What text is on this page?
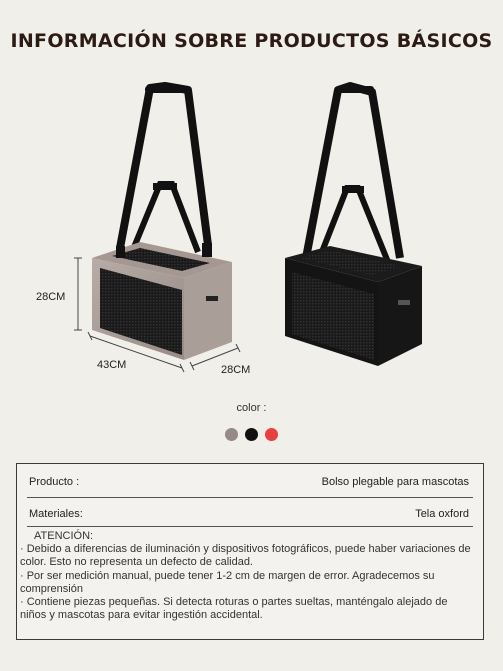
INFORMACIÓN SOBRE PRODUCTOS BÁSICOS
28CM
43CM	28CM
color :
Producto :	Bolso plegable para mascotas
Materiales:	Tela oxford

ATENCIÓN:

· Debido a diferencias de iluminación y dispositivos fotográficos, puede haber variaciones de color. Esto no representa un defecto de calidad.

· Por ser medición manual, puede tener 1-2 cm de margen de error. Agradecemos su comprensión

· Contiene piezas pequeñas. Si detecta roturas o partes sueltas, manténgalo alejado de niños y mascotas para evitar ingestión accidental.
